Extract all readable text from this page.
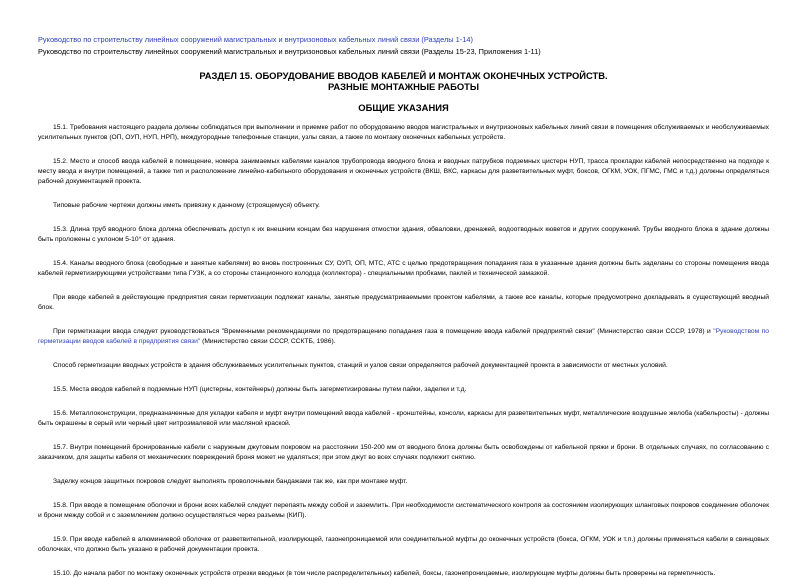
Руководство по строительству линейных сооружений магистральных и внутризоновых кабельных линий связи (Разделы 1-14)
Руководство по строительству линейных сооружений магистральных и внутризоновых кабельных линий связи (Разделы 15-23, Приложения 1-11)
РАЗДЕЛ 15. ОБОРУДОВАНИЕ ВВОДОВ КАБЕЛЕЙ И МОНТАЖ ОКОНЕЧНЫХ УСТРОЙСТВ.
РАЗНЫЕ МОНТАЖНЫЕ РАБОТЫ
ОБЩИЕ УКАЗАНИЯ

15.1. Требования настоящего раздела должны соблюдаться при выполнении и приемке работ по оборудованию вводов магистральных и внутризоновых кабельных линий связи в помещения обслуживаемых и необслуживаемых усилительных пунктов (ОП, ОУП, НУП, НРП), междугородные телефонные станции, узлы связи, а также по монтажу оконечных кабельных устройств.

15.2. Место и способ ввода кабелей в помещение, номера занимаемых кабелями каналов трубопровода вводного блока и вводных патрубков подземных цистерн НУП, трасса прокладки кабелей непосредственно на подходе к месту ввода и внутри помещений, а также тип и расположение линейно-кабельного оборудования и оконечных устройств (ВКШ, ВКС, каркасы для разветвительных муфт, боксов, ОГКМ, УОК, ПГМС, ГМС и т.д.) должны определяться рабочей документацией проекта.

Типовые рабочие чертежи должны иметь привязку к данному (строящемуся) объекту.

15.3. Длина труб вводного блока должна обеспечивать доступ к их внешним концам без нарушения отмостки здания, обваловки, дренажей, водоотводных кюветов и других сооружений. Трубы вводного блока в здание должны быть проложены с уклоном 5-10° от здания.

15.4. Каналы вводного блока (свободные и занятые кабелями) во вновь построенных СУ, ОУП, ОП, МТС, АТС с целью предотвращения попадания газа в указанные здания должны быть заделаны со стороны помещения ввода кабелей герметизирующими устройствами типа ГУЗК, а со стороны станционного колодца (коллектора) - специальными пробками, паклей и технической замазкой.

При вводе кабелей в действующие предприятия связи герметизации подлежат каналы, занятые предусматриваемыми проектом кабелями, а также все каналы, которые предусмотрено докладывать в существующий вводный блок.

При герметизации ввода следует руководствоваться "Временными рекомендациями по предотвращению попадания газа в помещение ввода кабелей предприятий связи" (Министерство связи СССР, 1978) и "Руководством по герметизации вводов кабелей в предприятия связи" (Министерство связи СССР, ССКТБ, 1986).

Способ герметизации вводных устройств в здания обслуживаемых усилительных пунктов, станций и узлов связи определяется рабочей документацией проекта в зависимости от местных условий.

15.5. Места вводов кабелей в подземные НУП (цистерны, контейнеры) должны быть загерметизированы путем пайки, заделки и т.д.

15.6. Металлоконструкции, предназначенные для укладки кабеля и муфт внутри помещений ввода кабелей - кронштейны, консоли, каркасы для разветвительных муфт, металлические воздушные желоба (кабельросты) - должны быть окрашены в серый или черный цвет нитроэмалевой или масляной краской.

15.7. Внутри помещений бронированные кабели с наружным джутовым покровом на расстоянии 150-200 мм от вводного блока должны быть освобождены от кабельной пряжи и брони. В отдельных случаях, по согласованию с заказчиком, для защиты кабеля от механических повреждений броня может не удаляться; при этом джут во всех случаях подлежит снятию.

Заделку концов защитных покровов следует выполнять проволочными бандажами так же, как при монтаже муфт.

15.8. При вводе в помещение оболочки и брони всех кабелей следует перепаять между собой и заземлить. При необходимости систематического контроля за состоянием изолирующих шланговых покровов соединение оболочек и брони между собой и с заземлением должно осуществляться через разъемы (КИП).

15.9. При вводе кабелей в алюминиевой оболочке от разветвительной, изолирующей, газонепроницаемой или соединительной муфты до оконечных устройств (бокса, ОГКМ, УОК и т.п.) должны применяться кабели в свинцовых оболочках, что должно быть указано в рабочей документации проекта.

15.10. До начала работ по монтажу оконечных устройств отрезки вводных (в том числе распределительных) кабелей, боксы, газонепроницаемые, изолирующие муфты должны быть проверены на герметичность.
